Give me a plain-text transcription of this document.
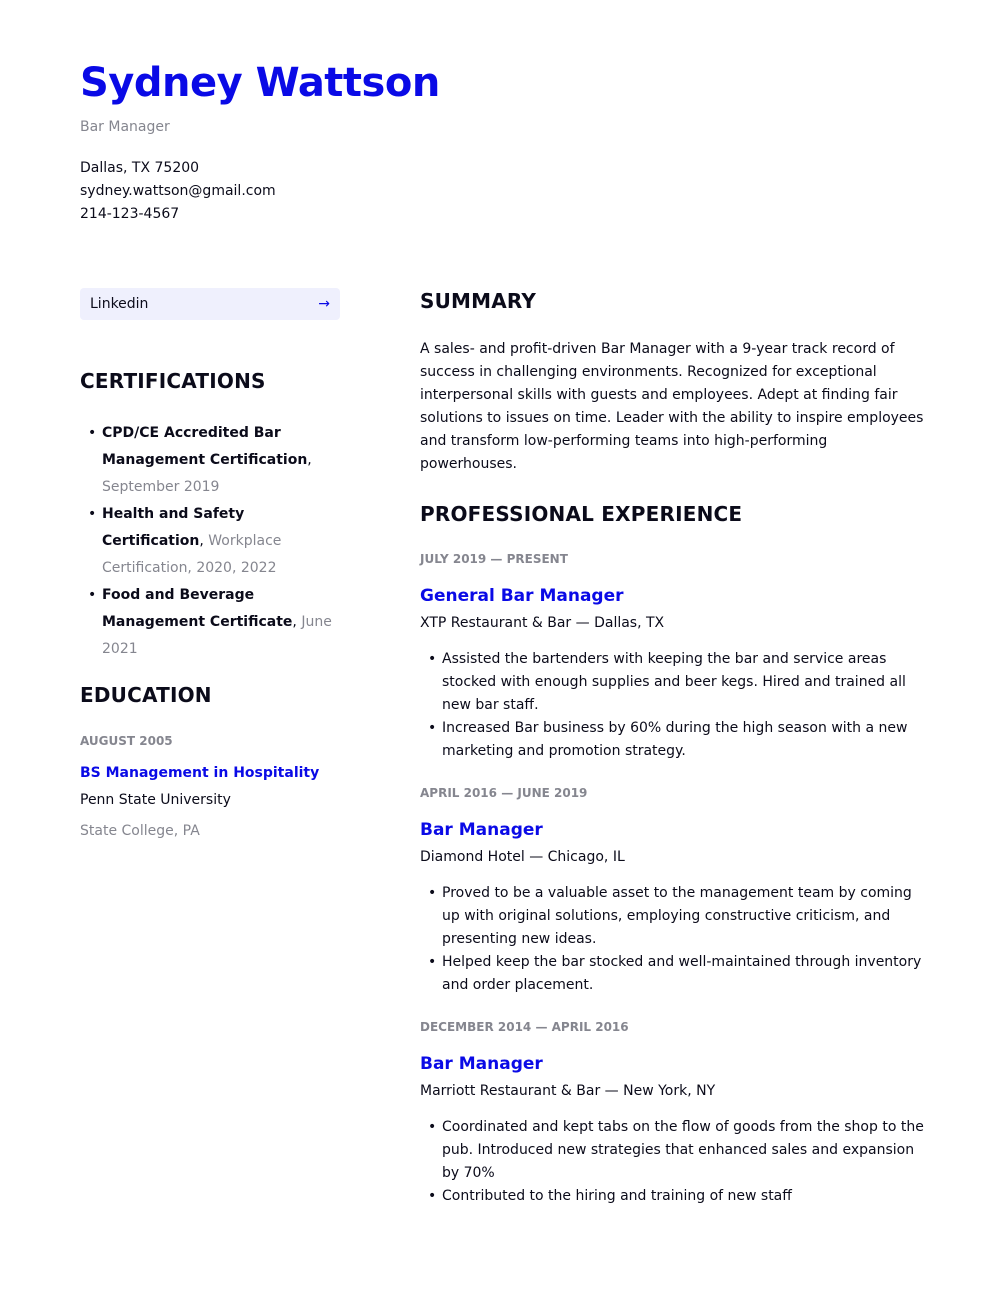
Sydney Wattson
Bar Manager
Dallas, TX 75200
sydney.wattson@gmail.com
214-123-4567
Linkedin	→
CERTIFICATIONS
• CPD/CE Accredited Bar Management Certification, September 2019
• Health and Safety Certification, Workplace Certification, 2020, 2022
• Food and Beverage Management Certificate, June 2021
EDUCATION
AUGUST 2005
BS Management in Hospitality
Penn State University
State College, PA
SUMMARY
A sales- and profit-driven Bar Manager with a 9-year track record of success in challenging environments. Recognized for exceptional interpersonal skills with guests and employees. Adept at finding fair solutions to issues on time. Leader with the ability to inspire employees and transform low-performing teams into high-performing powerhouses.
PROFESSIONAL EXPERIENCE
JULY 2019 — PRESENT
General Bar Manager
XTP Restaurant & Bar — Dallas, TX
• Assisted the bartenders with keeping the bar and service areas stocked with enough supplies and beer kegs. Hired and trained all new bar staff.
• Increased Bar business by 60% during the high season with a new marketing and promotion strategy.
APRIL 2016 — JUNE 2019
Bar Manager
Diamond Hotel — Chicago, IL
• Proved to be a valuable asset to the management team by coming up with original solutions, employing constructive criticism, and presenting new ideas.
• Helped keep the bar stocked and well-maintained through inventory and order placement.
DECEMBER 2014 — APRIL 2016
Bar Manager
Marriott Restaurant & Bar — New York, NY
• Coordinated and kept tabs on the flow of goods from the shop to the pub. Introduced new strategies that enhanced sales and expansion by 70%
• Contributed to the hiring and training of new staff
